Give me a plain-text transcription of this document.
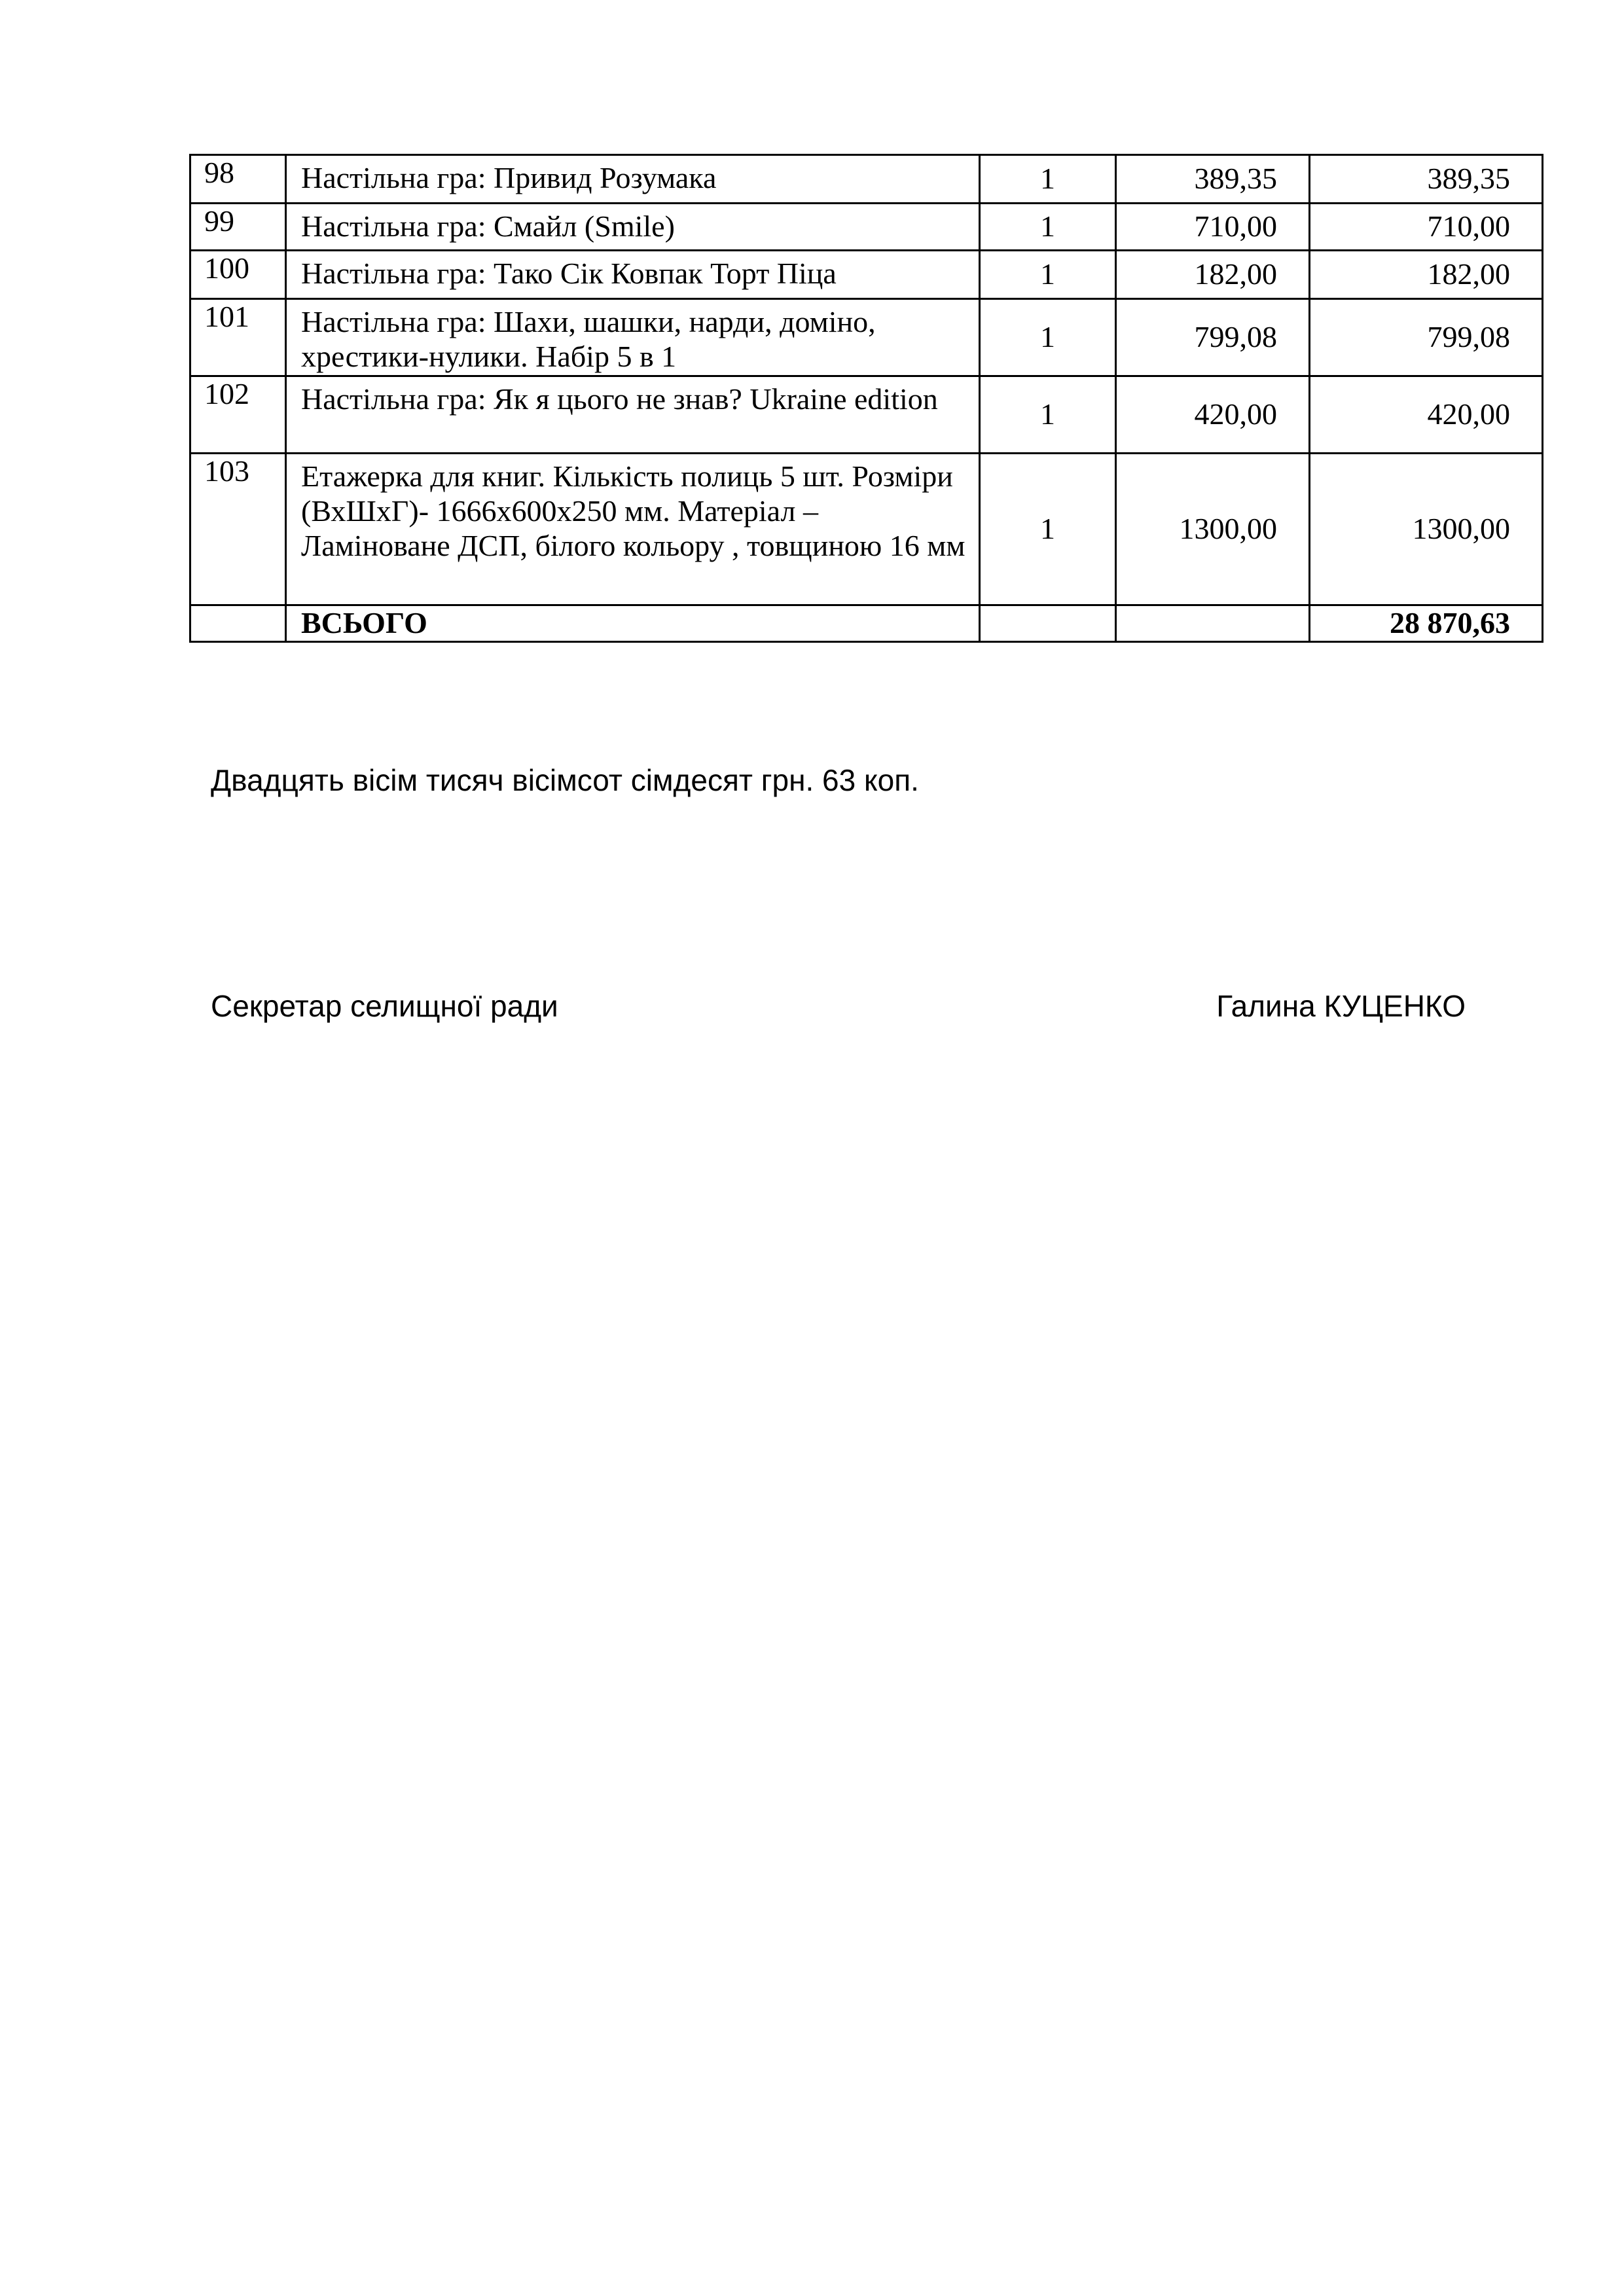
98	Настільна гра: Привид Розумака	1	389,35	389,35
99	Настільна гра: Смайл (Smile)	1	710,00	710,00
100	Настільна гра: Тако Сік Ковпак Торт Піца	1	182,00	182,00
101	Настільна гра: Шахи, шашки, нарди, доміно, хрестики-нулики. Набір 5 в 1	1	799,08	799,08
102	Настільна гра: Як я цього не знав? Ukraine edition	1	420,00	420,00
103	Етажерка для книг. Кількість полиць 5 шт. Розміри (ВхШхГ)- 1666х600х250 мм. Матеріал – Ламіноване ДСП, білого кольору , товщиною 16 мм	1	1300,00	1300,00
	ВСЬОГО			28 870,63

Двадцять вісім тисяч вісімсот сімдесят грн. 63 коп.

Секретар селищної ради	Галина КУЦЕНКО
